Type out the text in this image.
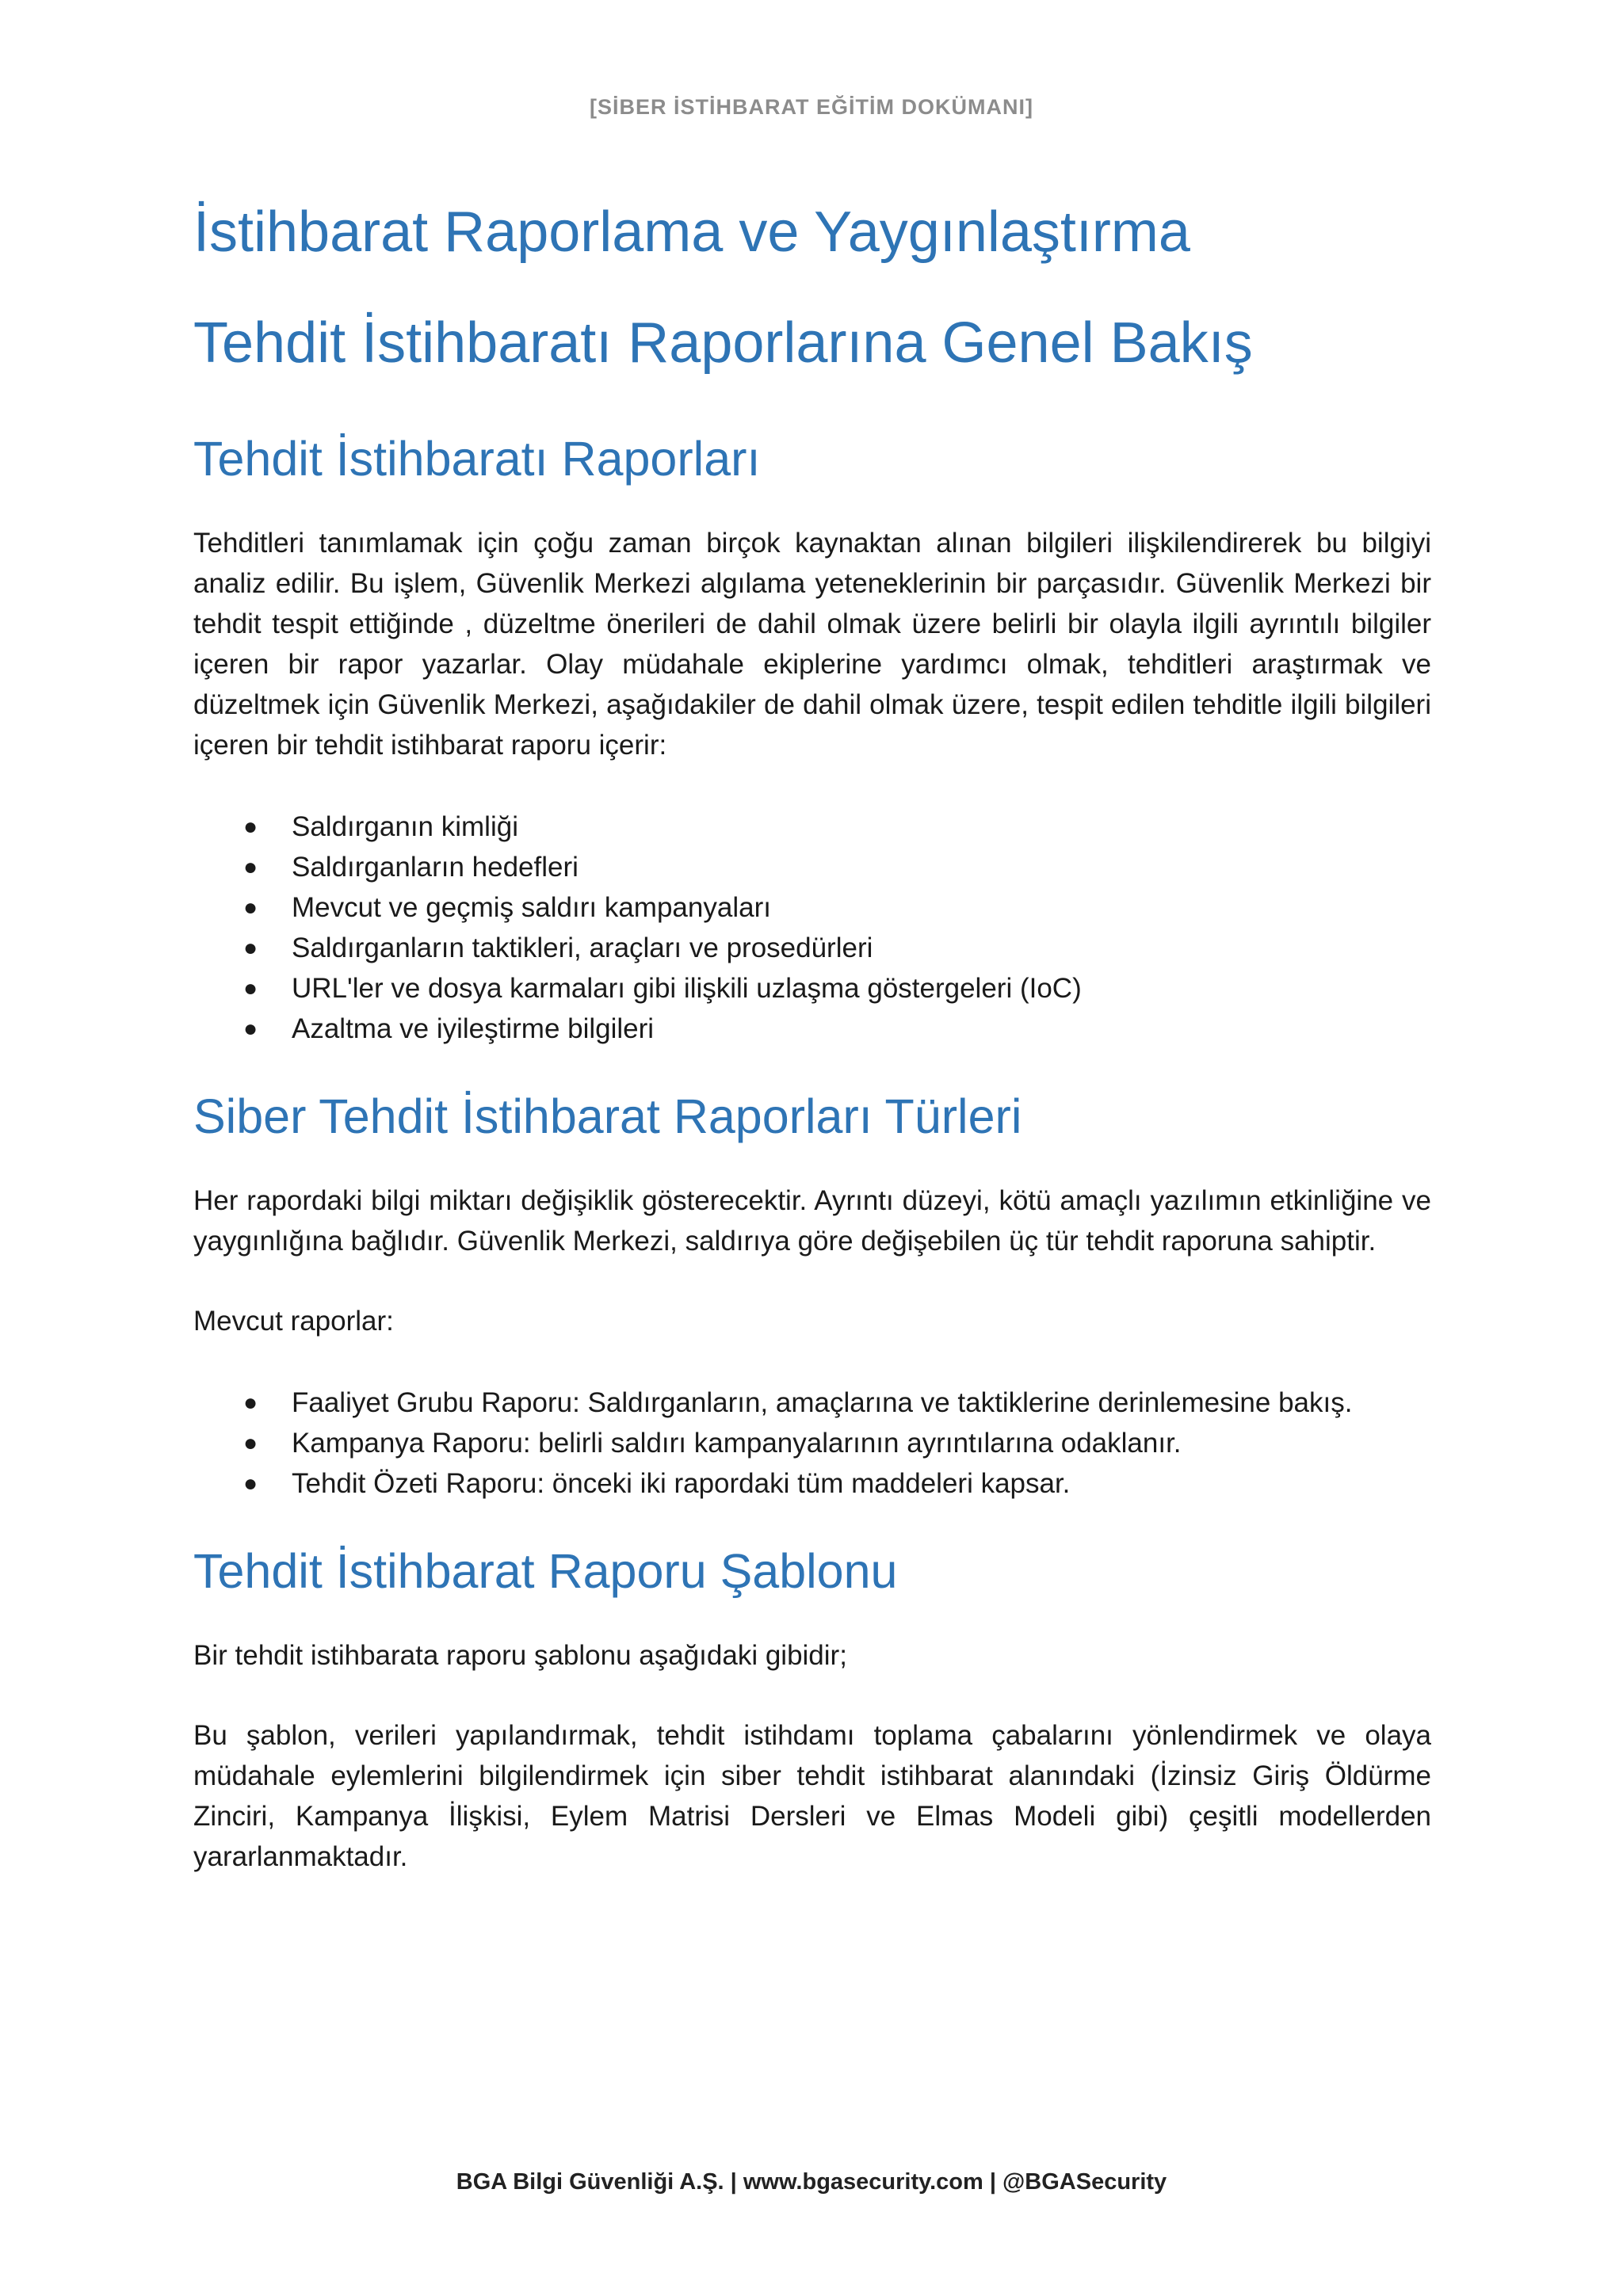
[SİBER İSTİHBARAT EĞİTİM DOKÜMANI]
İstihbarat Raporlama ve Yaygınlaştırma
Tehdit İstihbaratı Raporlarına Genel Bakış
Tehdit İstihbaratı Raporları

Tehditleri tanımlamak için çoğu zaman birçok kaynaktan alınan bilgileri ilişkilendirerek bu bilgiyi analiz edilir. Bu işlem, Güvenlik Merkezi algılama yeteneklerinin bir parçasıdır. Güvenlik Merkezi bir tehdit tespit ettiğinde , düzeltme önerileri de dahil olmak üzere belirli bir olayla ilgili ayrıntılı bilgiler içeren bir rapor yazarlar. Olay müdahale ekiplerine yardımcı olmak, tehditleri araştırmak ve düzeltmek için Güvenlik Merkezi, aşağıdakiler de dahil olmak üzere, tespit edilen tehditle ilgili bilgileri içeren bir tehdit istihbarat raporu içerir:

● Saldırganın kimliği
● Saldırganların hedefleri
● Mevcut ve geçmiş saldırı kampanyaları
● Saldırganların taktikleri, araçları ve prosedürleri
● URL'ler ve dosya karmaları gibi ilişkili uzlaşma göstergeleri (IoC)
● Azaltma ve iyileştirme bilgileri
Siber Tehdit İstihbarat Raporları Türleri

Her rapordaki bilgi miktarı değişiklik gösterecektir. Ayrıntı düzeyi, kötü amaçlı yazılımın etkinliğine ve yaygınlığına bağlıdır. Güvenlik Merkezi, saldırıya göre değişebilen üç tür tehdit raporuna sahiptir.

Mevcut raporlar:

● Faaliyet Grubu Raporu: Saldırganların, amaçlarına ve taktiklerine derinlemesine bakış.
● Kampanya Raporu: belirli saldırı kampanyalarının ayrıntılarına odaklanır.
● Tehdit Özeti Raporu: önceki iki rapordaki tüm maddeleri kapsar.
Tehdit İstihbarat Raporu Şablonu

Bir tehdit istihbarata raporu şablonu aşağıdaki gibidir;

Bu şablon, verileri yapılandırmak, tehdit istihdamı toplama çabalarını yönlendirmek ve olaya müdahale eylemlerini bilgilendirmek için siber tehdit istihbarat alanındaki (İzinsiz Giriş Öldürme Zinciri, Kampanya İlişkisi, Eylem Matrisi Dersleri ve Elmas Modeli gibi) çeşitli modellerden yararlanmaktadır.

BGA Bilgi Güvenliği A.Ş. | www.bgasecurity.com | @BGASecurity
